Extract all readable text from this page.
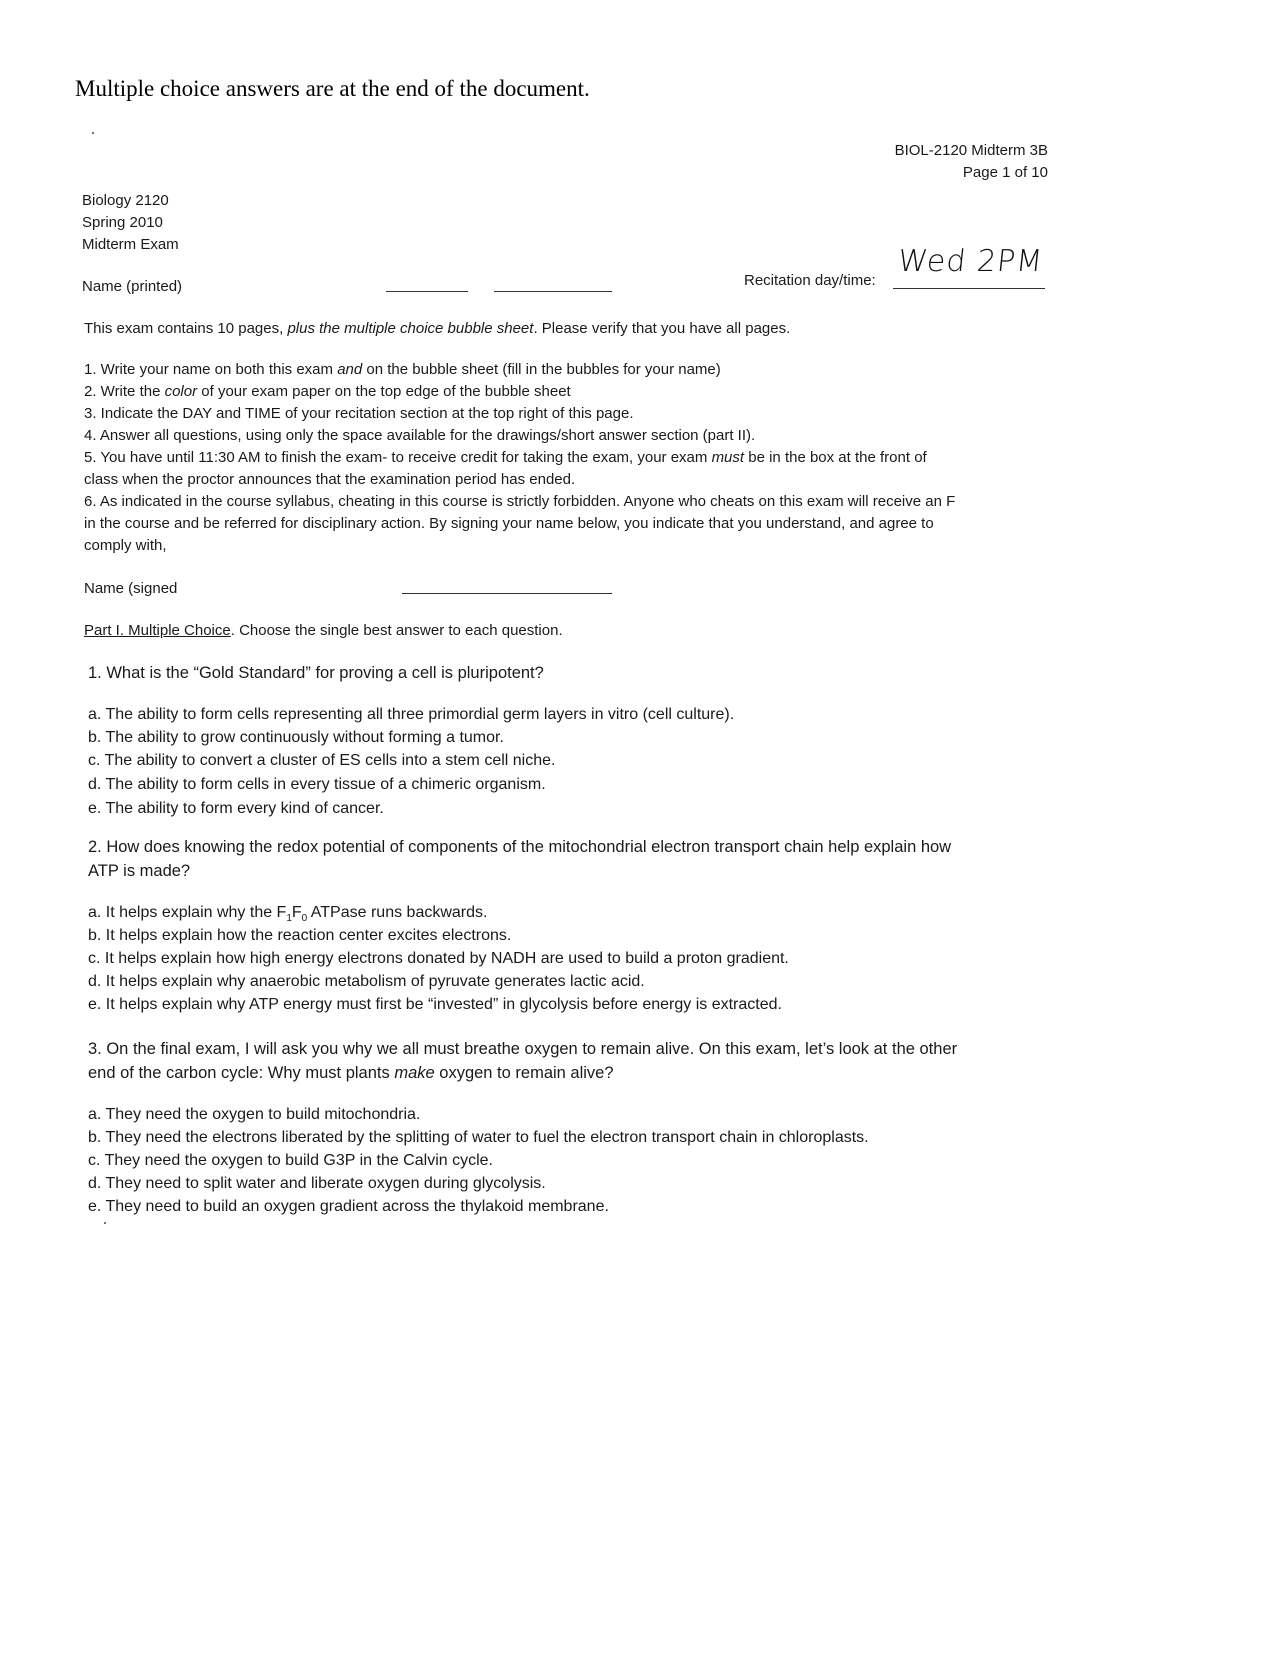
Multiple choice answers are at the end of the document.
BIOL-2120 Midterm 3B
Page 1 of 10
Biology 2120
Spring 2010
Midterm Exam
Name (printed)	Recitation day/time:
Wed 2PM
This exam contains 10 pages, plus the multiple choice bubble sheet. Please verify that you have all pages.
1. Write your name on both this exam and on the bubble sheet (fill in the bubbles for your name)
2. Write the color of your exam paper on the top edge of the bubble sheet
3. Indicate the DAY and TIME of your recitation section at the top right of this page.
4. Answer all questions, using only the space available for the drawings/short answer section (part II).
5. You have until 11:30 AM to finish the exam- to receive credit for taking the exam, your exam must be in the box at the front of
class when the proctor announces that the examination period has ended.
6. As indicated in the course syllabus, cheating in this course is strictly forbidden. Anyone who cheats on this exam will receive an F
in the course and be referred for disciplinary action. By signing your name below, you indicate that you understand, and agree to
comply with,
Name (signed
Part I. Multiple Choice. Choose the single best answer to each question.
1. What is the “Gold Standard” for proving a cell is pluripotent?
a. The ability to form cells representing all three primordial germ layers in vitro (cell culture).
b. The ability to grow continuously without forming a tumor.
c. The ability to convert a cluster of ES cells into a stem cell niche.
d. The ability to form cells in every tissue of a chimeric organism.
e. The ability to form every kind of cancer.
2. How does knowing the redox potential of components of the mitochondrial electron transport chain help explain how
ATP is made?
a. It helps explain why the $F_1F_0$ ATPase runs backwards.
b. It helps explain how the reaction center excites electrons.
c. It helps explain how high energy electrons donated by NADH are used to build a proton gradient.
d. It helps explain why anaerobic metabolism of pyruvate generates lactic acid.
e. It helps explain why ATP energy must first be “invested” in glycolysis before energy is extracted.
3. On the final exam, I will ask you why we all must breathe oxygen to remain alive. On this exam, let’s look at the other
end of the carbon cycle: Why must plants make oxygen to remain alive?
a. They need the oxygen to build mitochondria.
b. They need the electrons liberated by the splitting of water to fuel the electron transport chain in chloroplasts.
c. They need the oxygen to build G3P in the Calvin cycle.
d. They need to split water and liberate oxygen during glycolysis.
e. They need to build an oxygen gradient across the thylakoid membrane.
